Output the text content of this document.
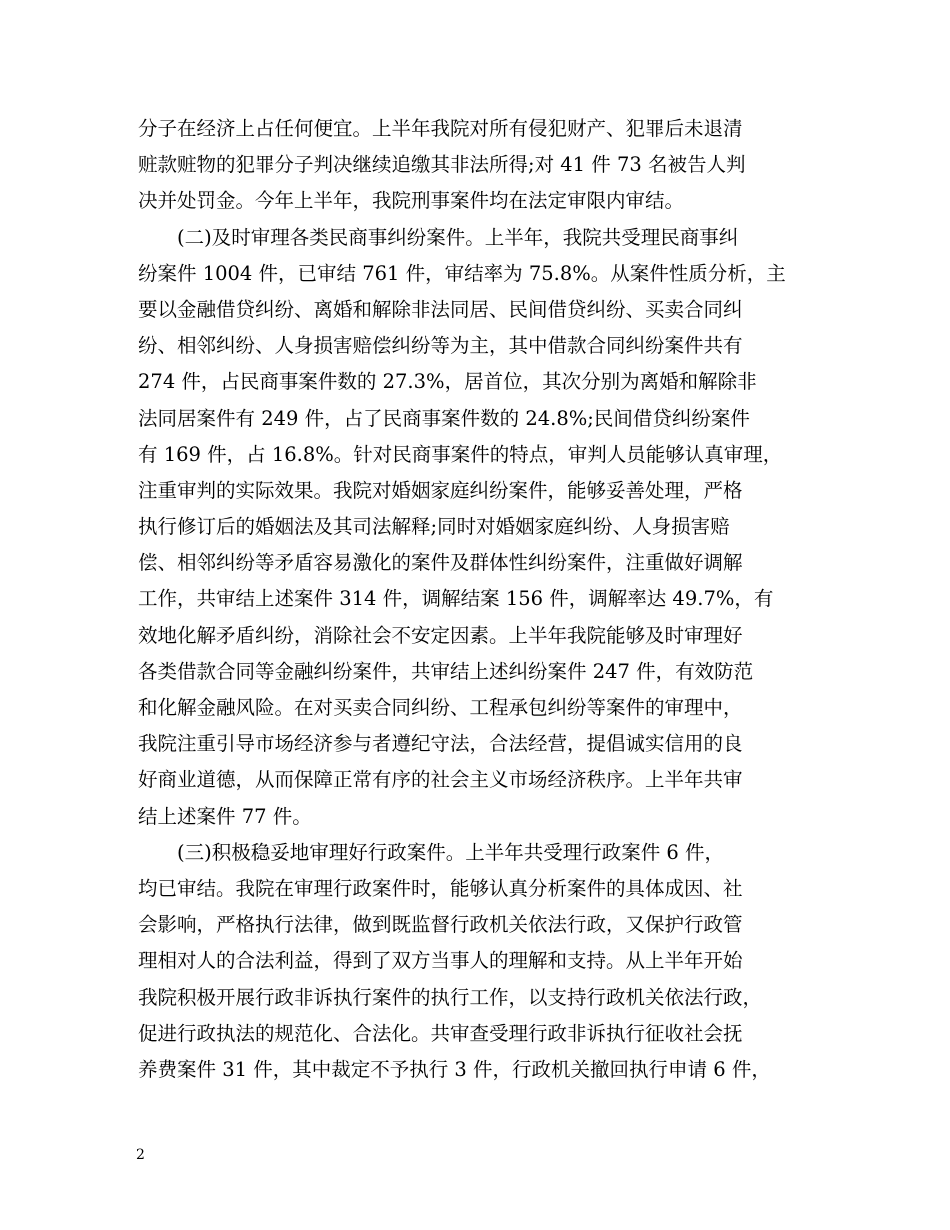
分子在经济上占任何便宜。上半年我院对所有侵犯财产、犯罪后未退清
赃款赃物的犯罪分子判决继续追缴其非法所得;对 41 件 73 名被告人判
决并处罚金。今年上半年，我院刑事案件均在法定审限内审结。
　　(二)及时审理各类民商事纠纷案件。上半年，我院共受理民商事纠
纷案件 1004 件，已审结 761 件，审结率为 75.8%。从案件性质分析，主
要以金融借贷纠纷、离婚和解除非法同居、民间借贷纠纷、买卖合同纠
纷、相邻纠纷、人身损害赔偿纠纷等为主，其中借款合同纠纷案件共有
274 件，占民商事案件数的 27.3%，居首位，其次分别为离婚和解除非
法同居案件有 249 件，占了民商事案件数的 24.8%;民间借贷纠纷案件
有 169 件，占 16.8%。针对民商事案件的特点，审判人员能够认真审理，
注重审判的实际效果。我院对婚姻家庭纠纷案件，能够妥善处理，严格
执行修订后的婚姻法及其司法解释;同时对婚姻家庭纠纷、人身损害赔
偿、相邻纠纷等矛盾容易激化的案件及群体性纠纷案件，注重做好调解
工作，共审结上述案件 314 件，调解结案 156 件，调解率达 49.7%，有
效地化解矛盾纠纷，消除社会不安定因素。上半年我院能够及时审理好
各类借款合同等金融纠纷案件，共审结上述纠纷案件 247 件，有效防范
和化解金融风险。在对买卖合同纠纷、工程承包纠纷等案件的审理中，
我院注重引导市场经济参与者遵纪守法，合法经营，提倡诚实信用的良
好商业道德，从而保障正常有序的社会主义市场经济秩序。上半年共审
结上述案件 77 件。
　　(三)积极稳妥地审理好行政案件。上半年共受理行政案件 6 件，
均已审结。我院在审理行政案件时，能够认真分析案件的具体成因、社
会影响，严格执行法律，做到既监督行政机关依法行政，又保护行政管
理相对人的合法利益，得到了双方当事人的理解和支持。从上半年开始
我院积极开展行政非诉执行案件的执行工作，以支持行政机关依法行政，
促进行政执法的规范化、合法化。共审查受理行政非诉执行征收社会抚
养费案件 31 件，其中裁定不予执行 3 件，行政机关撤回执行申请 6 件，
2
